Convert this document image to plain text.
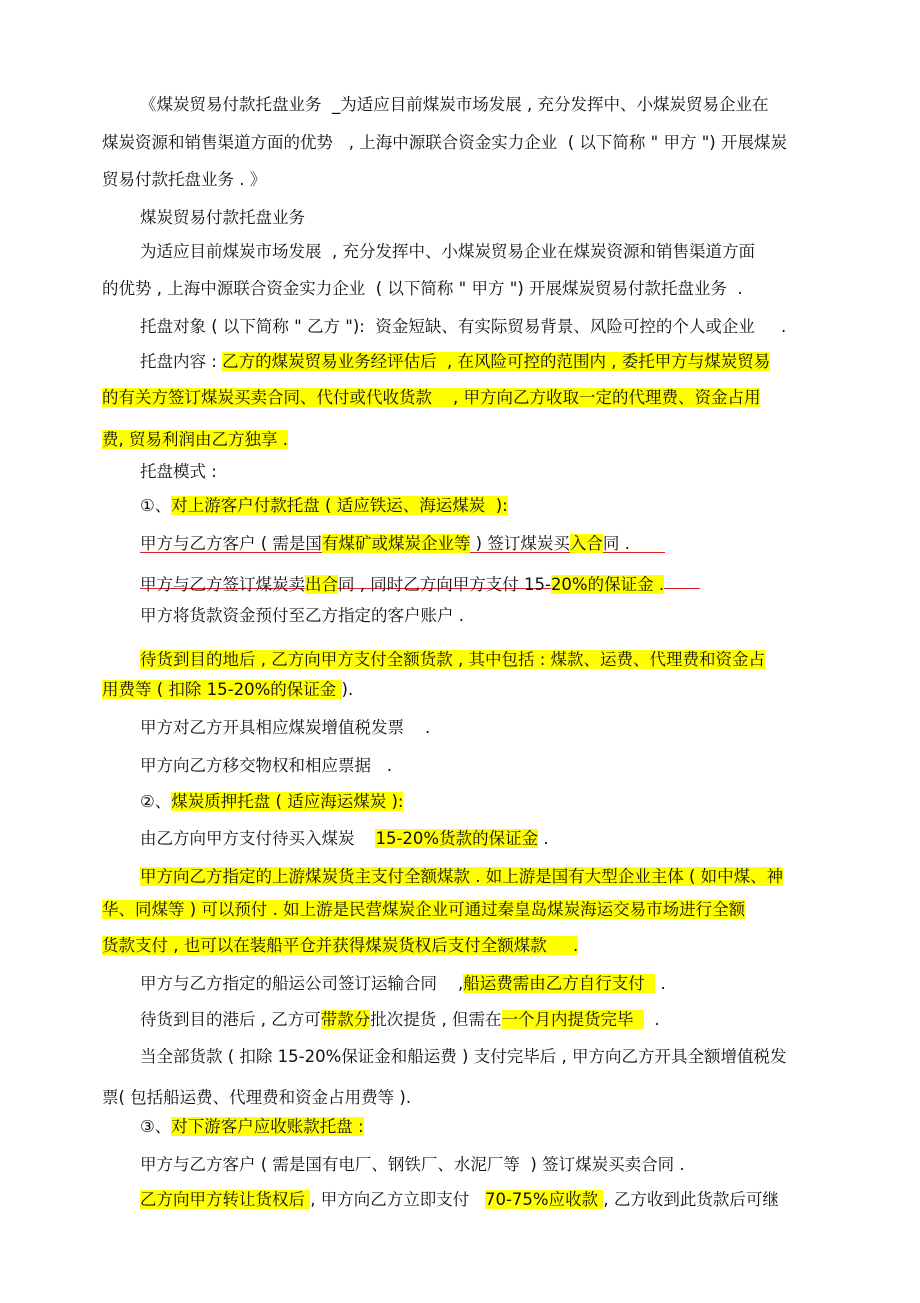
《煤炭贸易付款托盘业务  _为适应目前煤炭市场发展 , 充分发挥中、小煤炭贸易企业在
煤炭资源和销售渠道方面的优势   , 上海中源联合资金实力企业  ( 以下简称 " 甲方 ") 开展煤炭
贸易付款托盘业务 . 》
煤炭贸易付款托盘业务
为适应目前煤炭市场发展  , 充分发挥中、小煤炭贸易企业在煤炭资源和销售渠道方面
的优势 , 上海中源联合资金实力企业  ( 以下简称 " 甲方 ") 开展煤炭贸易付款托盘业务  .
托盘对象 ( 以下简称 " 乙方 "):  资金短缺、有实际贸易背景、风险可控的个人或企业     .
托盘内容 : 乙方的煤炭贸易业务经评估后  , 在风险可控的范围内 , 委托甲方与煤炭贸易
的有关方签订煤炭买卖合同、代付或代收货款    , 甲方向乙方收取一定的代理费、资金占用
费, 贸易利润由乙方独享 .
托盘模式 :
①、对上游客户付款托盘 ( 适应铁运、海运煤炭  ):
甲方与乙方客户 ( 需是国有煤矿或煤炭企业等 ) 签订煤炭买入合同 .
甲方与乙方签订煤炭卖出合同 , 同时乙方向甲方支付 15-20%的保证金 .
甲方将货款资金预付至乙方指定的客户账户 .
待货到目的地后 , 乙方向甲方支付全额货款 , 其中包括 : 煤款、运费、代理费和资金占
用费等 ( 扣除 15-20%的保证金 ).
甲方对乙方开具相应煤炭增值税发票    .
甲方向乙方移交物权和相应票据   .
②、煤炭质押托盘 ( 适应海运煤炭 ):
由乙方向甲方支付待买入煤炭    15-20%货款的保证金 .
甲方向乙方指定的上游煤炭货主支付全额煤款 . 如上游是国有大型企业主体 ( 如中煤、神
华、同煤等 ) 可以预付 . 如上游是民营煤炭企业可通过秦皇岛煤炭海运交易市场进行全额
货款支付 , 也可以在装船平仓并获得煤炭货权后支付全额煤款     .
甲方与乙方指定的船运公司签订运输合同    ,船运费需由乙方自行支付   .
待货到目的港后 , 乙方可带款分批次提货 , 但需在一个月内提货完毕    .
当全部货款 ( 扣除 15-20%保证金和船运费 ) 支付完毕后 , 甲方向乙方开具全额增值税发
票( 包括船运费、代理费和资金占用费等 ).
③、对下游客户应收账款托盘 :
甲方与乙方客户 ( 需是国有电厂、钢铁厂、水泥厂等  ) 签订煤炭买卖合同 .
乙方向甲方转让货权后 , 甲方向乙方立即支付   70-75%应收款 , 乙方收到此货款后可继
